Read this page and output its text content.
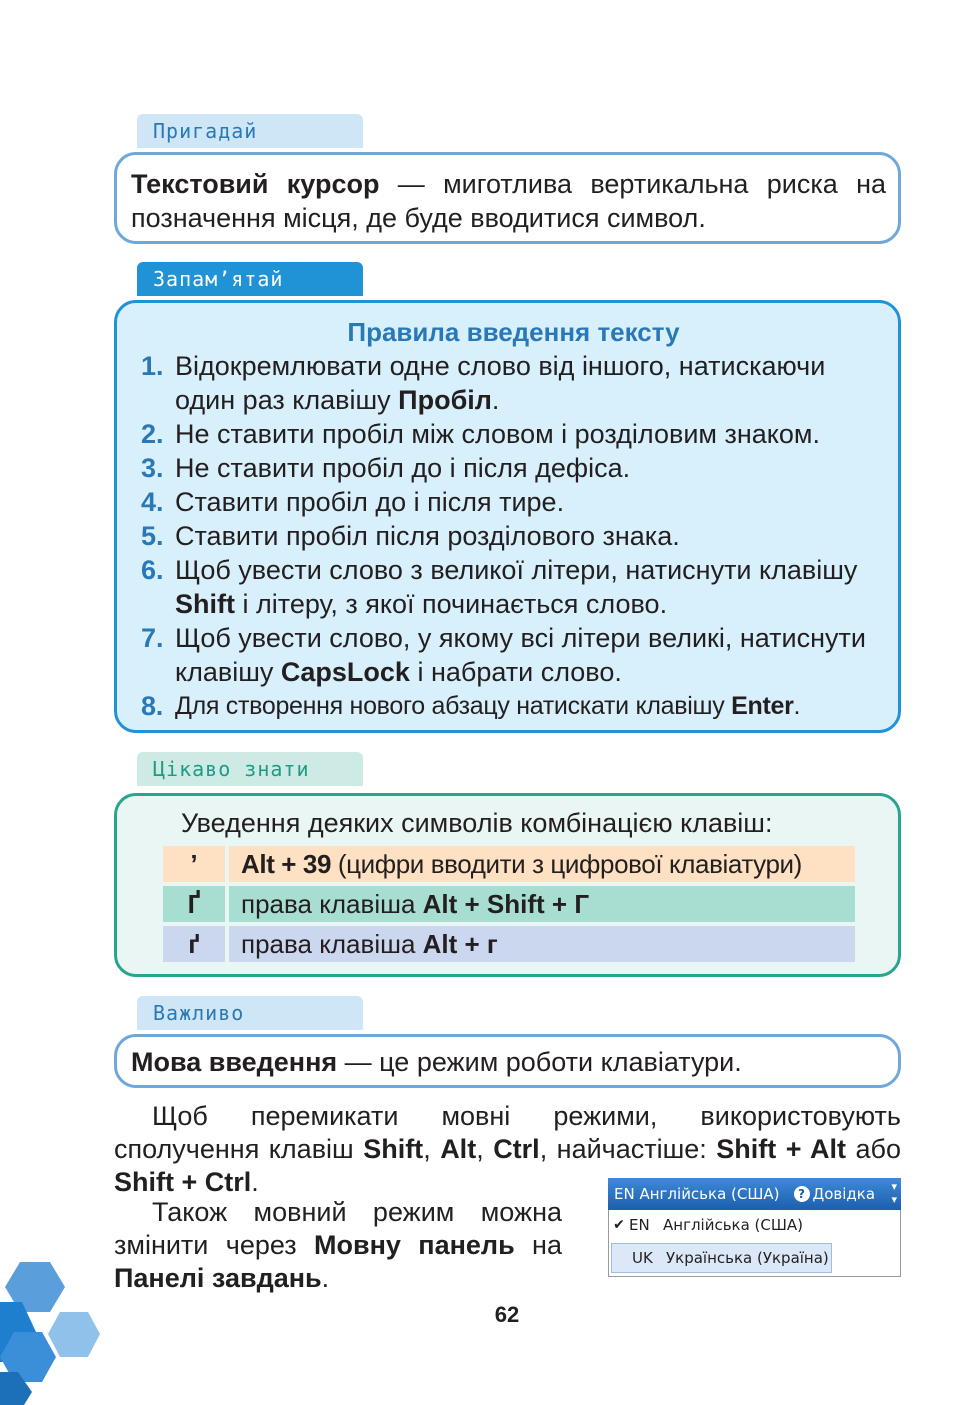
Пригадай
Текстовий курсор — миготлива вертикальна риска на позначення місця, де буде вводитися символ.
Запам’ятай
Правила введення тексту
1. Відокремлювати одне слово від іншого, натискаючи один раз клавішу Пробіл.
2. Не ставити пробіл між словом і розділовим знаком.
3. Не ставити пробіл до і після дефіса.
4. Ставити пробіл до і після тире.
5. Ставити пробіл після розділового знака.
6. Щоб увести слово з великої літери, натиснути клавішу Shift і літеру, з якої починається слово.
7. Щоб увести слово, у якому всі літери великі, натиснути клавішу CapsLock і набрати слово.
8. Для створення нового абзацу натискати клавішу Enter.
Цікаво знати
Уведення деяких символів комбінацією клавіш:
’	Alt + 39 (цифри вводити з цифрової клавіатури)
Ґ	права клавіша Alt + Shift + Г
ґ	права клавіша Alt + г
Важливо
Мова введення — це режим роботи клавіатури.
Щоб перемикати мовні режими, використовують сполучення клавіш Shift, Alt, Ctrl, найчастіше: Shift + Alt або Shift + Ctrl.
Також мовний режим можна змінити через Мовну панель на Панелі завдань.
EN
Англійська (США)	? Довідка ▾
▾
✔ EN Англійська (США)
UK Українська (Україна)
62
